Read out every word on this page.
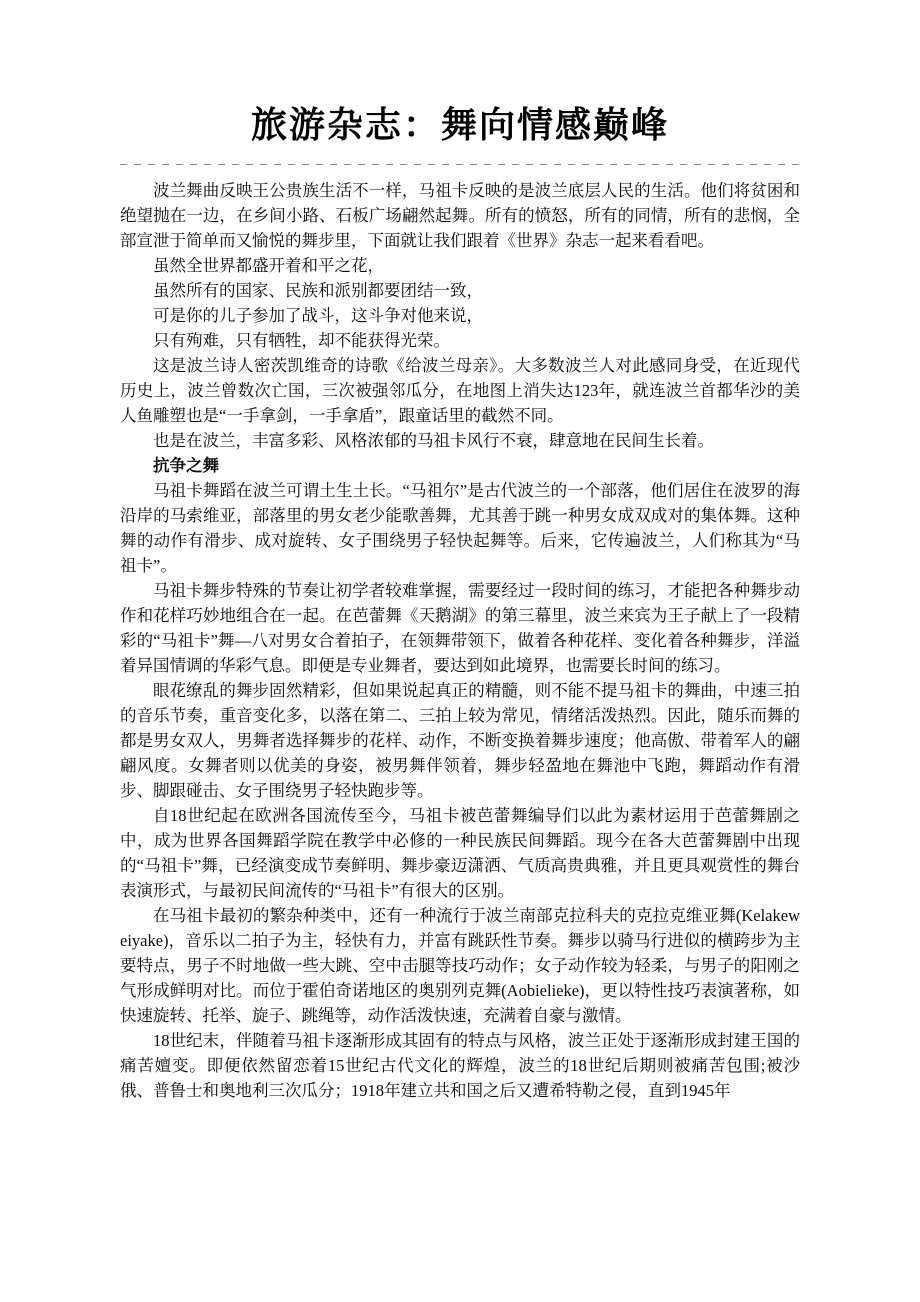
旅游杂志：舞向情感巅峰

波兰舞曲反映王公贵族生活不一样，马祖卡反映的是波兰底层人民的生活。他们将贫困和绝望抛在一边，在乡间小路、石板广场翩然起舞。所有的愤怒，所有的同情，所有的悲悯，全部宣泄于简单而又愉悦的舞步里，下面就让我们跟着《世界》杂志一起来看看吧。

虽然全世界都盛开着和平之花，

虽然所有的国家、民族和派别都要团结一致，

可是你的儿子参加了战斗，这斗争对他来说，

只有殉难，只有牺牲，却不能获得光荣。

这是波兰诗人密茨凯维奇的诗歌《给波兰母亲》。大多数波兰人对此感同身受，在近现代历史上，波兰曾数次亡国，三次被强邻瓜分，在地图上消失达123年，就连波兰首都华沙的美人鱼雕塑也是“一手拿剑，一手拿盾”，跟童话里的截然不同。

也是在波兰，丰富多彩、风格浓郁的马祖卡风行不衰，肆意地在民间生长着。

抗争之舞

马祖卡舞蹈在波兰可谓土生土长。“马祖尔”是古代波兰的一个部落，他们居住在波罗的海沿岸的马索维亚，部落里的男女老少能歌善舞，尤其善于跳一种男女成双成对的集体舞。这种舞的动作有滑步、成对旋转、女子围绕男子轻快起舞等。后来，它传遍波兰，人们称其为“马祖卡”。

马祖卡舞步特殊的节奏让初学者较难掌握，需要经过一段时间的练习，才能把各种舞步动作和花样巧妙地组合在一起。在芭蕾舞《天鹅湖》的第三幕里，波兰来宾为王子献上了一段精彩的“马祖卡”舞—八对男女合着拍子，在领舞带领下，做着各种花样、变化着各种舞步，洋溢着异国情调的华彩气息。即便是专业舞者，要达到如此境界，也需要长时间的练习。

眼花缭乱的舞步固然精彩，但如果说起真正的精髓，则不能不提马祖卡的舞曲，中速三拍的音乐节奏，重音变化多，以落在第二、三拍上较为常见，情绪活泼热烈。因此，随乐而舞的都是男女双人，男舞者选择舞步的花样、动作，不断变换着舞步速度；他高傲、带着军人的翩翩风度。女舞者则以优美的身姿，被男舞伴领着，舞步轻盈地在舞池中飞跑，舞蹈动作有滑步、脚跟碰击、女子围绕男子轻快跑步等。

自18世纪起在欧洲各国流传至今，马祖卡被芭蕾舞编导们以此为素材运用于芭蕾舞剧之中，成为世界各国舞蹈学院在教学中必修的一种民族民间舞蹈。现今在各大芭蕾舞剧中出现的“马祖卡”舞，已经演变成节奏鲜明、舞步豪迈潇洒、气质高贵典雅，并且更具观赏性的舞台表演形式，与最初民间流传的“马祖卡”有很大的区别。

在马祖卡最初的繁杂种类中，还有一种流行于波兰南部克拉科夫的克拉克维亚舞(Kelakeweiyake)，音乐以二拍子为主，轻快有力，并富有跳跃性节奏。舞步以骑马行进似的横跨步为主要特点，男子不时地做一些大跳、空中击腿等技巧动作；女子动作较为轻柔，与男子的阳刚之气形成鲜明对比。而位于霍伯奇诺地区的奥别列克舞(Aobielieke)，更以特性技巧表演著称，如快速旋转、托举、旋子、跳绳等，动作活泼快速，充满着自豪与激情。

18世纪末，伴随着马祖卡逐渐形成其固有的特点与风格，波兰正处于逐渐形成封建王国的痛苦嬗变。即便依然留恋着15世纪古代文化的辉煌，波兰的18世纪后期则被痛苦包围;被沙俄、普鲁士和奥地利三次瓜分；1918年建立共和国之后又遭希特勒之侵，直到1945年
